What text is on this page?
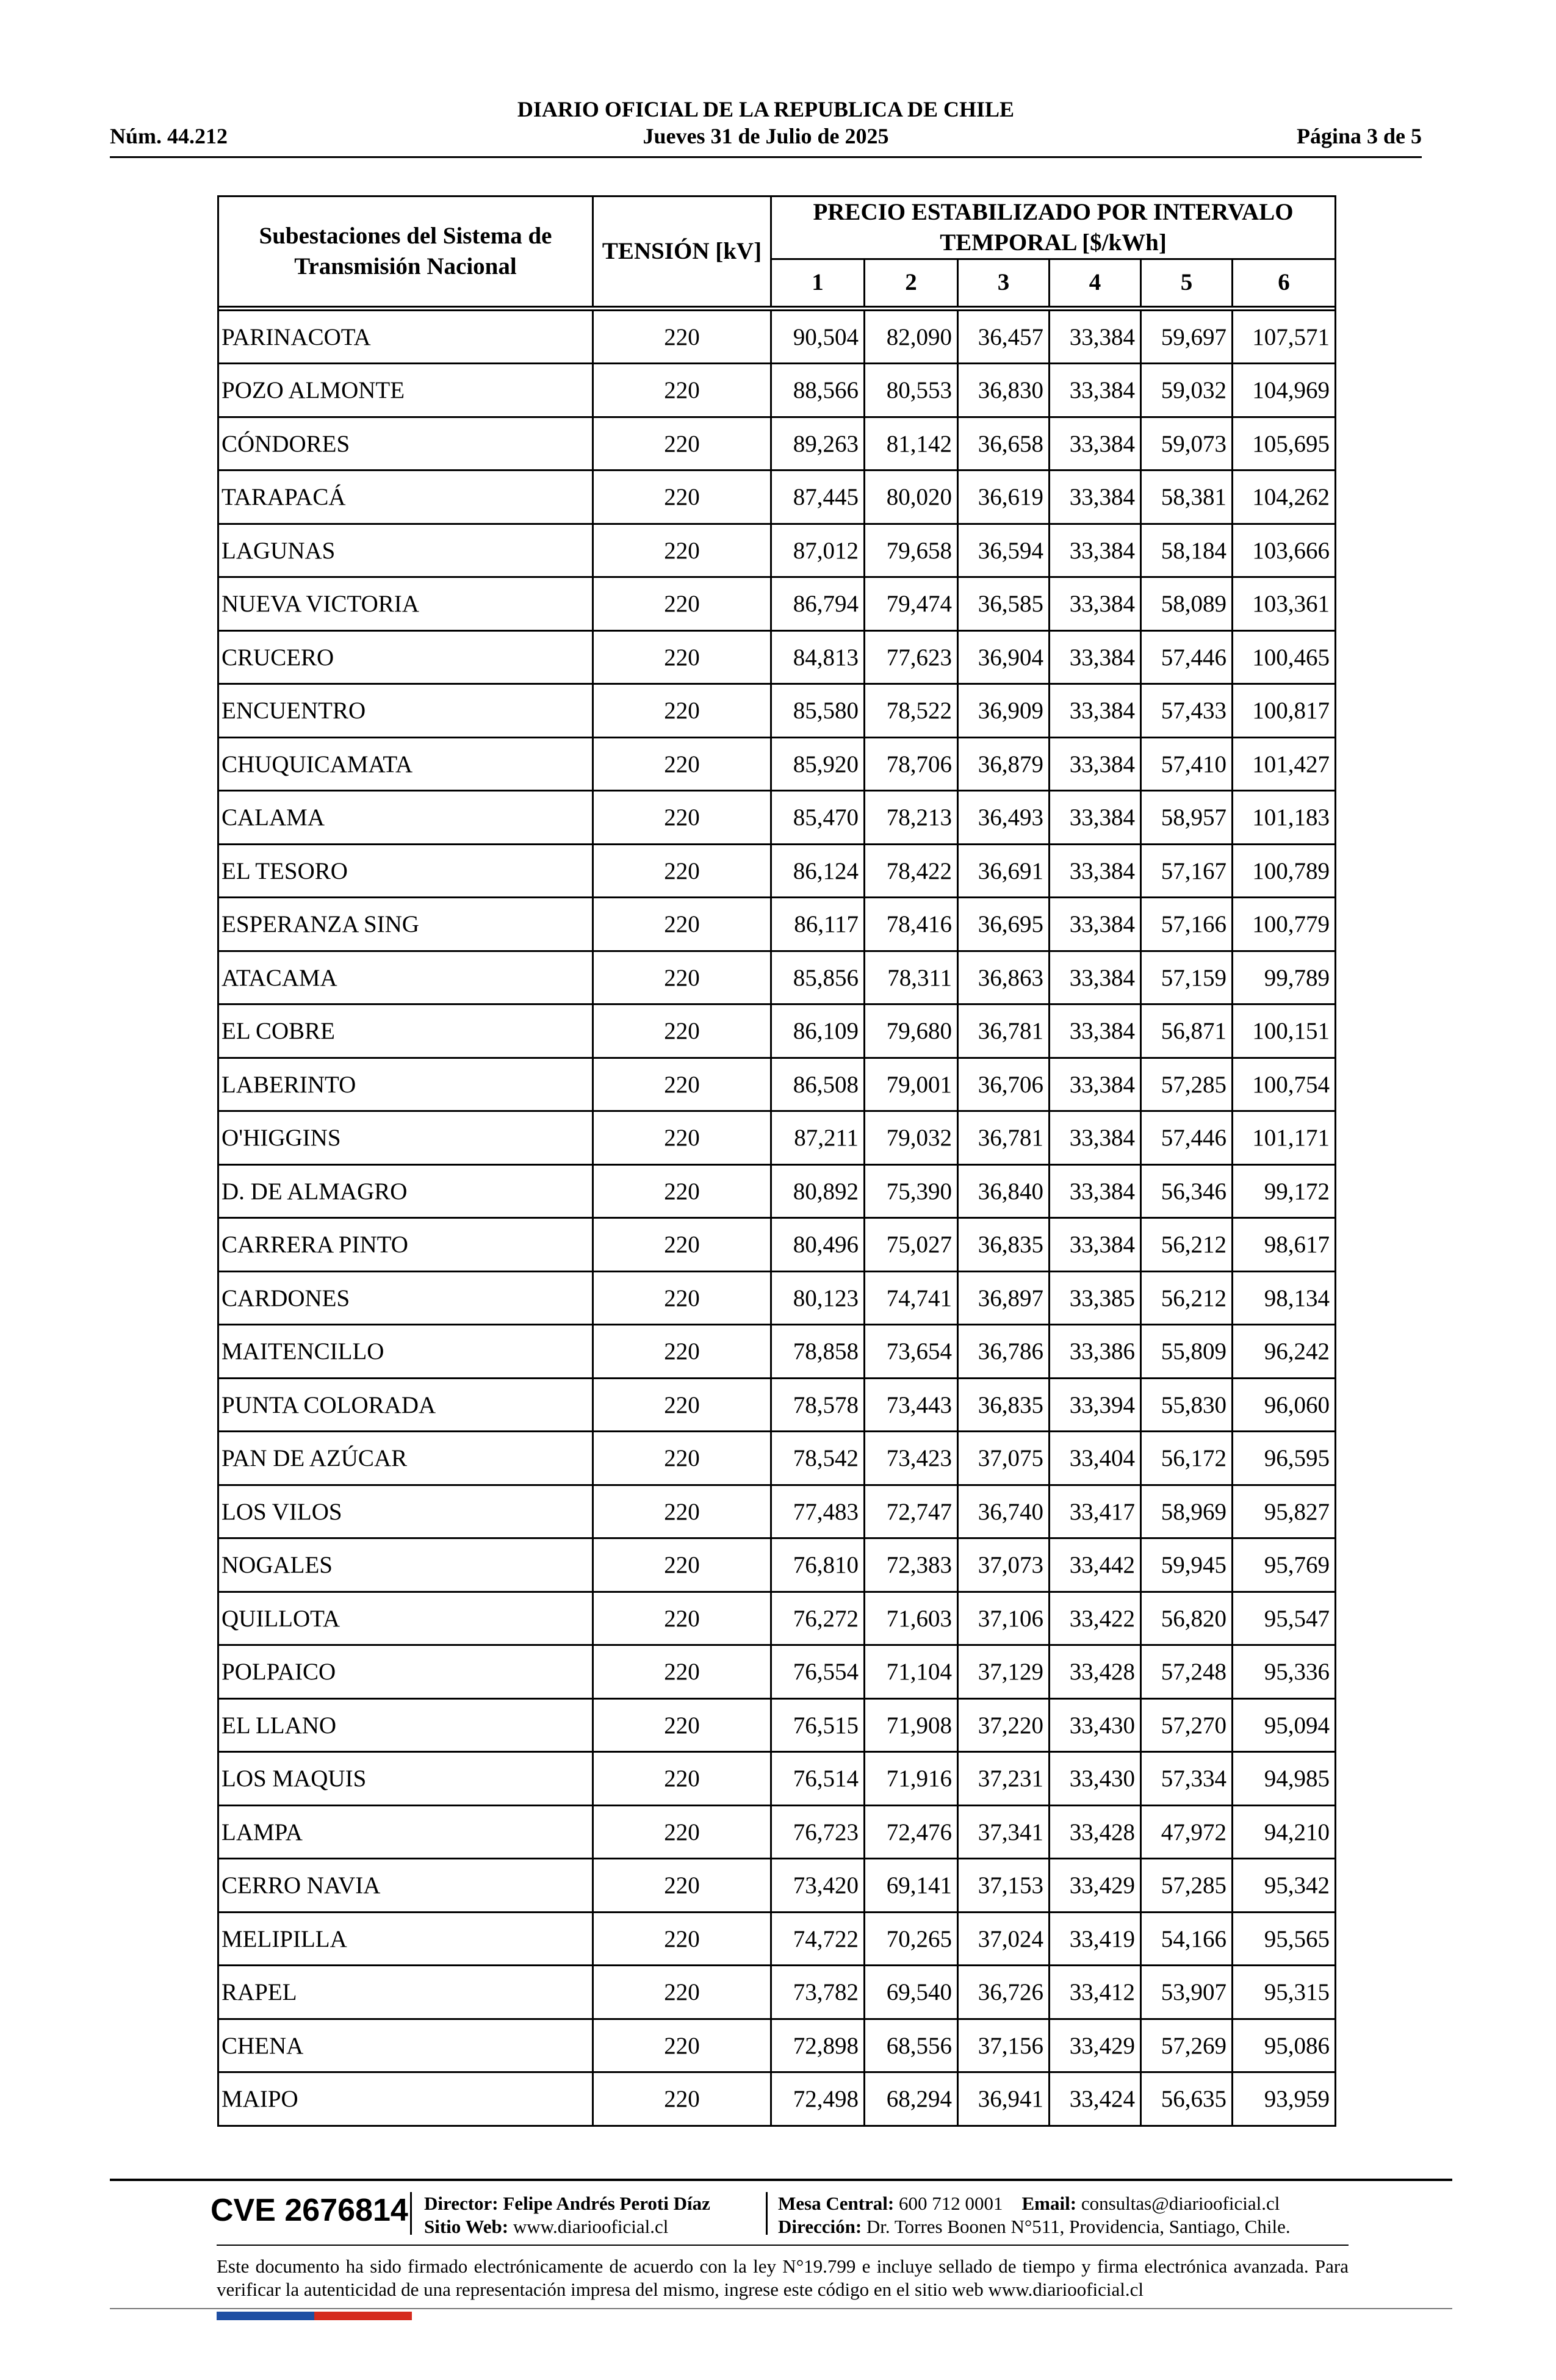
DIARIO OFICIAL DE LA REPUBLICA DE CHILE
Núm. 44.212	Jueves 31 de Julio de 2025	Página 3 de 5
Subestaciones del Sistema de Transmisión Nacional	TENSIÓN [kV]	PRECIO ESTABILIZADO POR INTERVALO TEMPORAL [$/kWh]					
		1	2	3	4	5	6

PARINACOTA	220	90,504	82,090	36,457	33,384	59,697	107,571
POZO ALMONTE	220	88,566	80,553	36,830	33,384	59,032	104,969
CÓNDORES	220	89,263	81,142	36,658	33,384	59,073	105,695
TARAPACÁ	220	87,445	80,020	36,619	33,384	58,381	104,262
LAGUNAS	220	87,012	79,658	36,594	33,384	58,184	103,666
NUEVA VICTORIA	220	86,794	79,474	36,585	33,384	58,089	103,361
CRUCERO	220	84,813	77,623	36,904	33,384	57,446	100,465
ENCUENTRO	220	85,580	78,522	36,909	33,384	57,433	100,817
CHUQUICAMATA	220	85,920	78,706	36,879	33,384	57,410	101,427
CALAMA	220	85,470	78,213	36,493	33,384	58,957	101,183
EL TESORO	220	86,124	78,422	36,691	33,384	57,167	100,789
ESPERANZA SING	220	86,117	78,416	36,695	33,384	57,166	100,779
ATACAMA	220	85,856	78,311	36,863	33,384	57,159	99,789
EL COBRE	220	86,109	79,680	36,781	33,384	56,871	100,151
LABERINTO	220	86,508	79,001	36,706	33,384	57,285	100,754
O'HIGGINS	220	87,211	79,032	36,781	33,384	57,446	101,171
D. DE ALMAGRO	220	80,892	75,390	36,840	33,384	56,346	99,172
CARRERA PINTO	220	80,496	75,027	36,835	33,384	56,212	98,617
CARDONES	220	80,123	74,741	36,897	33,385	56,212	98,134
MAITENCILLO	220	78,858	73,654	36,786	33,386	55,809	96,242
PUNTA COLORADA	220	78,578	73,443	36,835	33,394	55,830	96,060
PAN DE AZÚCAR	220	78,542	73,423	37,075	33,404	56,172	96,595
LOS VILOS	220	77,483	72,747	36,740	33,417	58,969	95,827
NOGALES	220	76,810	72,383	37,073	33,442	59,945	95,769
QUILLOTA	220	76,272	71,603	37,106	33,422	56,820	95,547
POLPAICO	220	76,554	71,104	37,129	33,428	57,248	95,336
EL LLANO	220	76,515	71,908	37,220	33,430	57,270	95,094
LOS MAQUIS	220	76,514	71,916	37,231	33,430	57,334	94,985
LAMPA	220	76,723	72,476	37,341	33,428	47,972	94,210
CERRO NAVIA	220	73,420	69,141	37,153	33,429	57,285	95,342
MELIPILLA	220	74,722	70,265	37,024	33,419	54,166	95,565
RAPEL	220	73,782	69,540	36,726	33,412	53,907	95,315
CHENA	220	72,898	68,556	37,156	33,429	57,269	95,086
MAIPO	220	72,498	68,294	36,941	33,424	56,635	93,959
CVE 2676814 Director: Felipe Andrés Peroti Díaz
Sitio Web: www.diariooficial.cl
Mesa Central: 600 712 0001 Email: consultas@diariooficial.cl
Dirección: Dr. Torres Boonen N°511, Providencia, Santiago, Chile.
Este documento ha sido firmado electrónicamente de acuerdo con la ley N°19.799 e incluye sellado de tiempo y firma electrónica avanzada. Para verificar la autenticidad de una representación impresa del mismo, ingrese este código en el sitio web www.diariooficial.cl
